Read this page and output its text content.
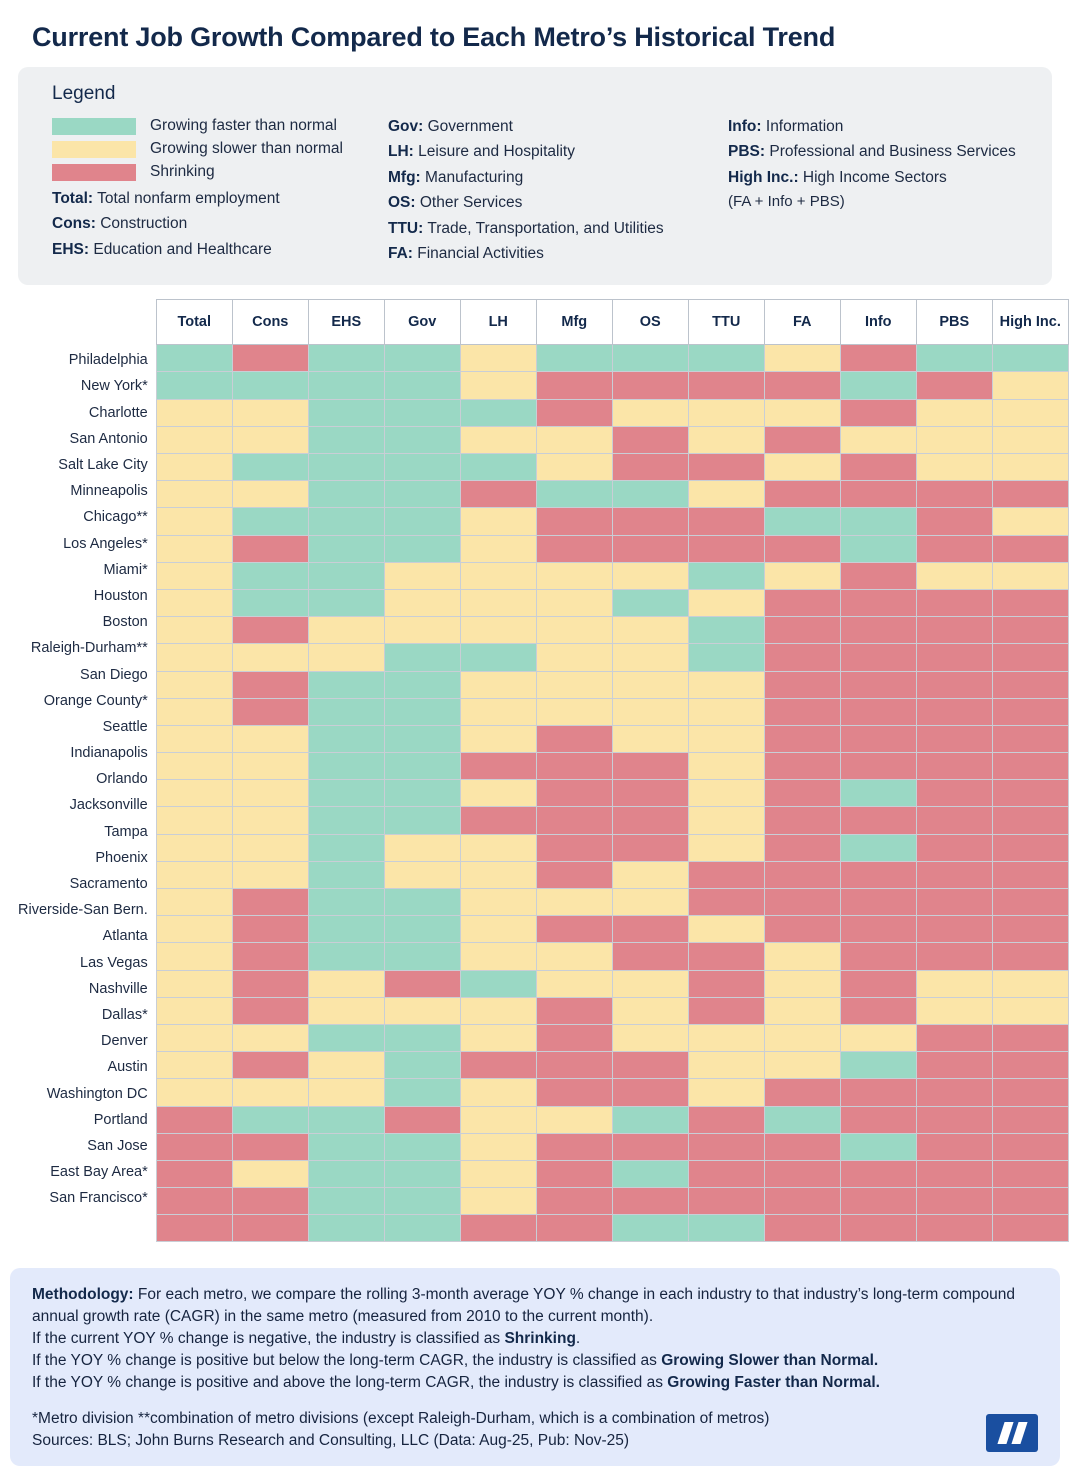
Current Job Growth Compared to Each Metro’s Historical Trend
Legend
Growing faster than normal
Growing slower than normal
Shrinking
Total: Total nonfarm employment
Cons: Construction
EHS: Education and Healthcare
Gov: Government
LH: Leisure and Hospitality
Mfg: Manufacturing
OS: Other Services
TTU: Trade, Transportation, and Utilities
FA: Financial Activities
Info: Information
PBS: Professional and Business Services
High Inc.: High Income Sectors
(FA + Info + PBS)
Philadelphia
New York*
Charlotte
San Antonio
Salt Lake City
Minneapolis
Chicago**
Los Angeles*
Miami*
Houston
Boston
Raleigh-Durham**
San Diego
Orange County*
Seattle
Indianapolis
Orlando
Jacksonville
Tampa
Phoenix
Sacramento
Riverside-San Bern.
Atlanta
Las Vegas
Nashville
Dallas*
Denver
Austin
Washington DC
Portland
San Jose
East Bay Area*
San Francisco*
Total	Cons	EHS	Gov	LH	Mfg	OS	TTU	FA	Info	PBS	High Inc.

Methodology: For each metro, we compare the rolling 3-month average YOY % change in each industry to that industry’s long-term compound annual growth rate (CAGR) in the same metro (measured from 2010 to the current month).

If the current YOY % change is negative, the industry is classified as Shrinking.

If the YOY % change is positive but below the long-term CAGR, the industry is classified as Growing Slower than Normal.

If the YOY % change is positive and above the long-term CAGR, the industry is classified as Growing Faster than Normal.

*Metro division **combination of metro divisions (except Raleigh-Durham, which is a combination of metros)

Sources: BLS; John Burns Research and Consulting, LLC (Data: Aug-25, Pub: Nov-25)
